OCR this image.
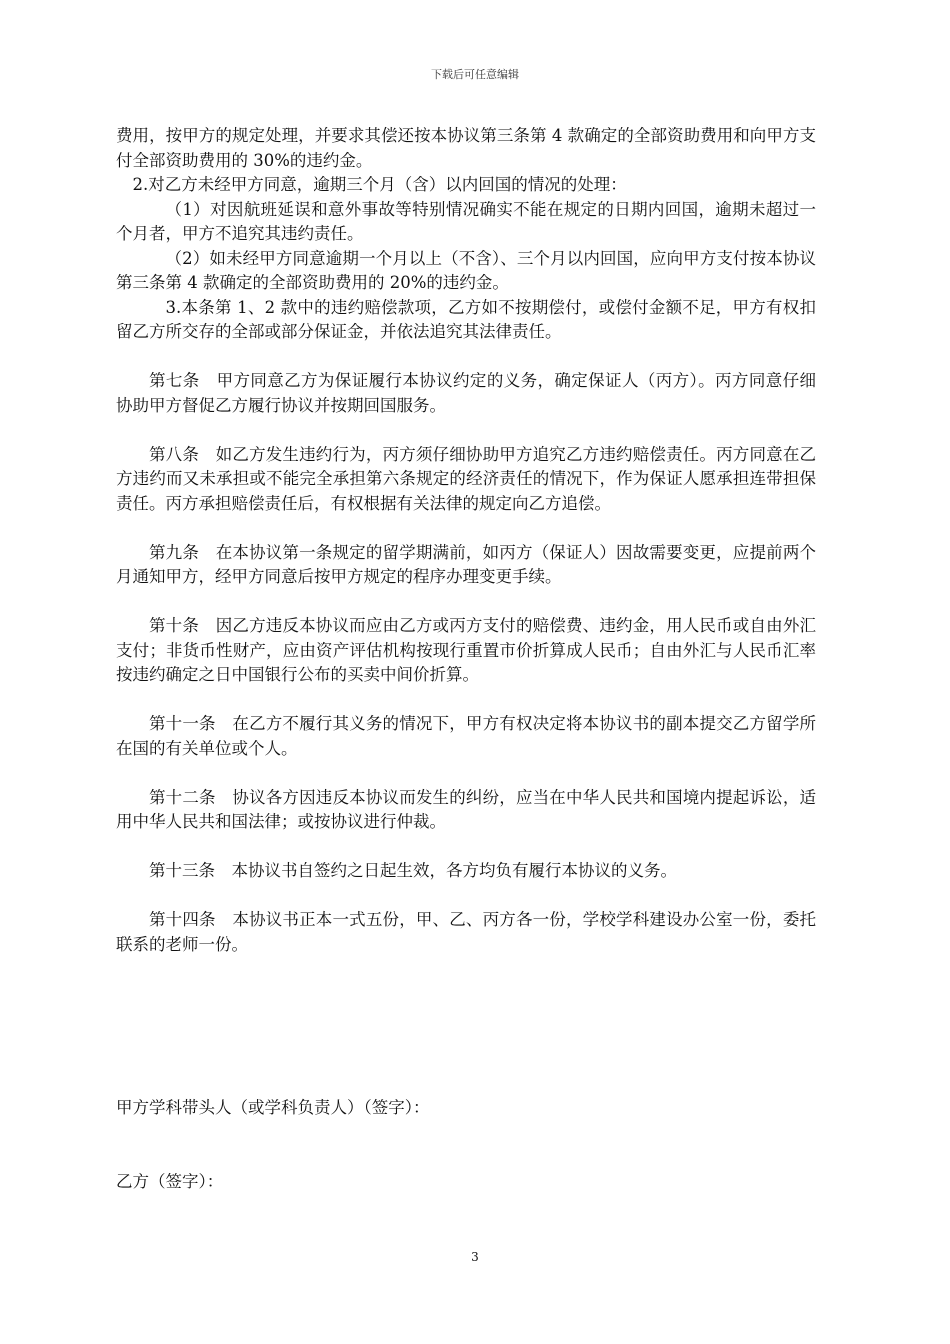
下载后可任意编辑

费用，按甲方的规定处理，并要求其偿还按本协议第三条第 4 款确定的全部资助费用和向甲方支付全部资助费用的 30%的违约金。

2.对乙方未经甲方同意，逾期三个月（含）以内回国的情况的处理：

（1）对因航班延误和意外事故等特别情况确实不能在规定的日期内回国，逾期未超过一个月者，甲方不追究其违约责任。

（2）如未经甲方同意逾期一个月以上（不含）、三个月以内回国，应向甲方支付按本协议第三条第 4 款确定的全部资助费用的 20%的违约金。

3.本条第 1、2 款中的违约赔偿款项，乙方如不按期偿付，或偿付金额不足，甲方有权扣留乙方所交存的全部或部分保证金，并依法追究其法律责任。

第七条　甲方同意乙方为保证履行本协议约定的义务，确定保证人（丙方）。丙方同意仔细协助甲方督促乙方履行协议并按期回国服务。

第八条　如乙方发生违约行为，丙方须仔细协助甲方追究乙方违约赔偿责任。丙方同意在乙方违约而又未承担或不能完全承担第六条规定的经济责任的情况下，作为保证人愿承担连带担保责任。丙方承担赔偿责任后，有权根据有关法律的规定向乙方追偿。

第九条　在本协议第一条规定的留学期满前，如丙方（保证人）因故需要变更，应提前两个月通知甲方，经甲方同意后按甲方规定的程序办理变更手续。

第十条　因乙方违反本协议而应由乙方或丙方支付的赔偿费、违约金，用人民币或自由外汇支付；非货币性财产，应由资产评估机构按现行重置市价折算成人民币；自由外汇与人民币汇率按违约确定之日中国银行公布的买卖中间价折算。

第十一条　在乙方不履行其义务的情况下，甲方有权决定将本协议书的副本提交乙方留学所在国的有关单位或个人。

第十二条　协议各方因违反本协议而发生的纠纷，应当在中华人民共和国境内提起诉讼，适用中华人民共和国法律；或按协议进行仲裁。

第十三条　本协议书自签约之日起生效，各方均负有履行本协议的义务。

第十四条　本协议书正本一式五份，甲、乙、丙方各一份，学校学科建设办公室一份，委托联系的老师一份。

甲方学科带头人（或学科负责人）（签字）：
乙方（签字）：
3
